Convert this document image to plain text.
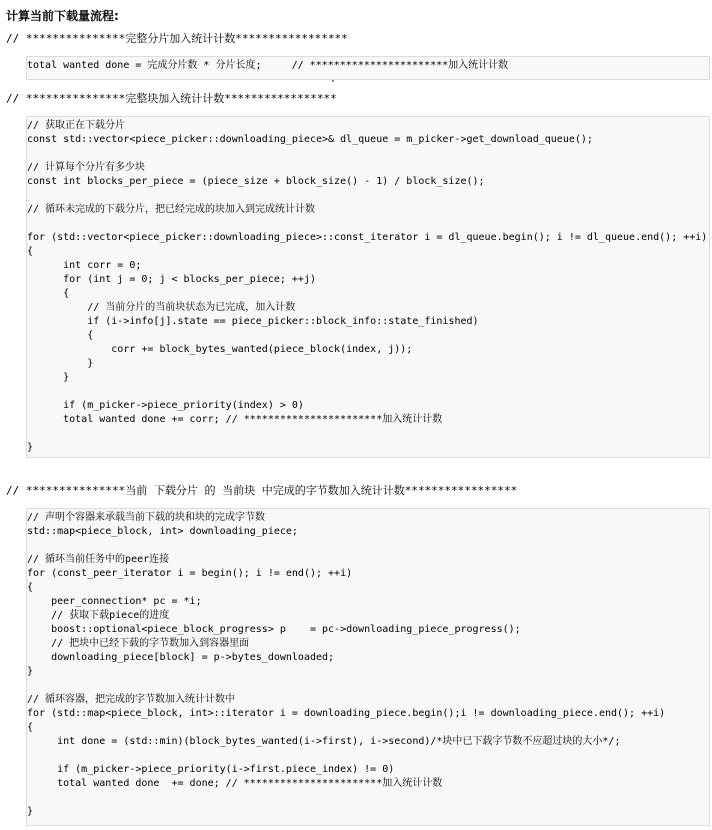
计算当前下载量流程:
// ***************完整分片加入统计计数*****************
total wanted done = 完成分片数 * 分片长度;     // ***********************加入统计计数
// ***************完整块加入统计计数*****************
// 获取正在下载分片
const std::vector<piece_picker::downloading_piece>& dl_queue = m_picker->get_download_queue();
// 计算每个分片有多少块
const int blocks_per_piece = (piece_size + block_size() - 1) / block_size();
// 循环未完成的下载分片，把已经完成的块加入到完成统计计数
for (std::vector<piece_picker::downloading_piece>::const_iterator i = dl_queue.begin(); i != dl_queue.end(); ++i)
{
int corr = 0;
for (int j = 0; j < blocks_per_piece; ++j)
{
// 当前分片的当前块状态为已完成，加入计数
if (i->info[j].state == piece_picker::block_info::state_finished)
{
corr += block_bytes_wanted(piece_block(index, j));
}
}
if (m_picker->piece_priority(index) > 0)
total wanted done += corr; // ***********************加入统计计数
}
// ***************当前 下载分片 的 当前块 中完成的字节数加入统计计数*****************
// 声明个容器来承载当前下载的块和块的完成字节数
std::map<piece_block, int> downloading_piece;
// 循环当前任务中的peer连接
for (const_peer_iterator i = begin(); i != end(); ++i)
{
peer_connection* pc = *i;
// 获取下载piece的进度
boost::optional<piece_block_progress> p    = pc->downloading_piece_progress();
// 把块中已经下载的字节数加入到容器里面
downloading_piece[block] = p->bytes_downloaded;
}
// 循环容器，把完成的字节数加入统计计数中
for (std::map<piece_block, int>::iterator i = downloading_piece.begin();i != downloading_piece.end(); ++i)
{
int done = (std::min)(block_bytes_wanted(i->first), i->second)/*块中已下载字节数不应超过块的大小*/;
if (m_picker->piece_priority(i->first.piece_index) != 0)
total wanted done  += done; // ***********************加入统计计数
}
